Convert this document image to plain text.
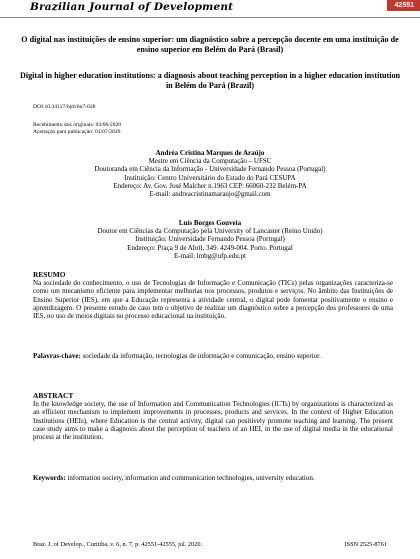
Brazilian Journal of Development	42551
O digital nas instituições de ensino superior: um diagnóstico sobre a percepção docente em uma instituição de ensino superior em Belém do Pará (Brasil)
Digital in higher education institutions: a diagnosis about teaching perception in a higher education institution in Belém do Pará (Brazil)
DOI:10.34117/bjdv6n7-028
Recebimento dos originais: 03/06/2020
Aceitação para publicação: 01/07/2020
Andréa Cristina Marques de Araújo
Mestre em Ciência da Computação – UFSC
Doutoranda em Ciência da Informação - Universidade Fernando Pessoa (Portugal)
Instituição: Centro Universitário do Estado do Pará CESUPA
Endereço: Av. Gov. José Malcher n.1963 CEP: 66060-232 Belém-PA
E-mail: andreacristinamaraujo@gmail.com
Luís Borges Gouveia
Doutor em Ciências da Computação pela University of Lancaster (Reino Unido)
Instituição: Universidade Fernando Pessoa (Portugal)
Endereço: Praça 9 de Abril, 349. 4249-004. Porto. Portugal
E-mail: lmbg@ufp.edu.pt
RESUMO
Na sociedade do conhecimento, o uso de Tecnologias de Informação e Comunicação (TICs) pelas organizações caracteriza-se como um mecanismo eficiente para implementar melhorias nos processos, produtos e serviços. No âmbito das Instituições de Ensino Superior (IES), em que a Educação representa a atividade central, o digital pode fomentar positivamente o ensino e aprendizagem. O presente estudo de caso tem o objetivo de realizar um diagnóstico sobre a percepção dos professores de uma IES, no uso de meios digitais no processo educacional na instituição.
Palavras-chave: sociedade da informação, tecnologias de informação e comunicação, ensino superior.
ABSTRACT
In the knowledge society, the use of Information and Communication Technologies (ICTs) by organizations is characterized as an efficient mechanism to implement improvements in processes, products and services. In the context of Higher Education Institutions (HEIs), where Education is the central activity, digital can positively promote teaching and learning. The present case study aims to make a diagnosis about the perception of teachers of an HEI, in the use of digital media in the educational process at the institution.
Keywords: information society, information and communication technologies, university education.
Braz. J. of Develop., Curitiba, v. 6, n. 7, p. 42551-42555, jul. 2020.	ISSN 2525-8761
